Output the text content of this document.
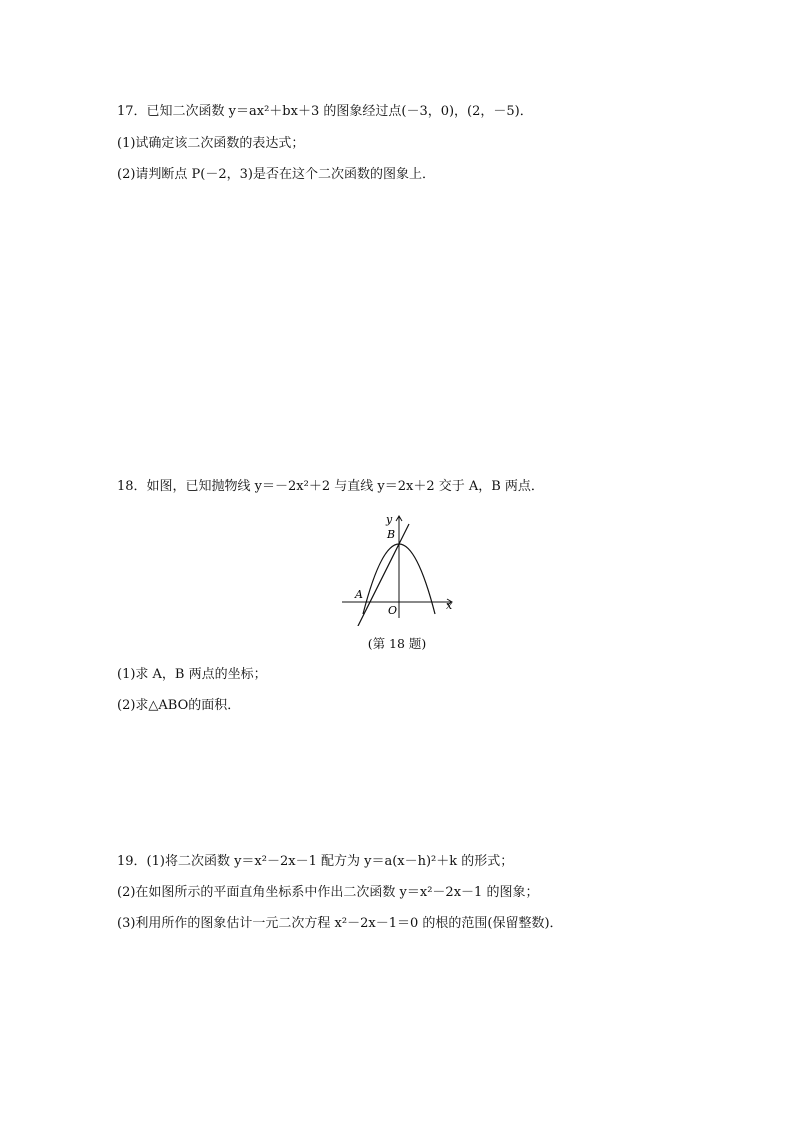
17．已知二次函数 y＝ax²＋bx＋3 的图象经过点(－3，0)，(2，－5)．
(1)试确定该二次函数的表达式；
(2)请判断点 P(－2，3)是否在这个二次函数的图象上．
18．如图，已知抛物线 y＝－2x²＋2 与直线 y＝2x＋2 交于 A，B 两点．
y
x
O
A
B
(第 18 题)
(1)求 A，B 两点的坐标；
(2)求△ABO的面积．
19．(1)将二次函数 y＝x²－2x－1 配方为 y＝a(x－h)²＋k 的形式；
(2)在如图所示的平面直角坐标系中作出二次函数 y＝x²－2x－1 的图象；
(3)利用所作的图象估计一元二次方程 x²－2x－1＝0 的根的范围(保留整数)．
